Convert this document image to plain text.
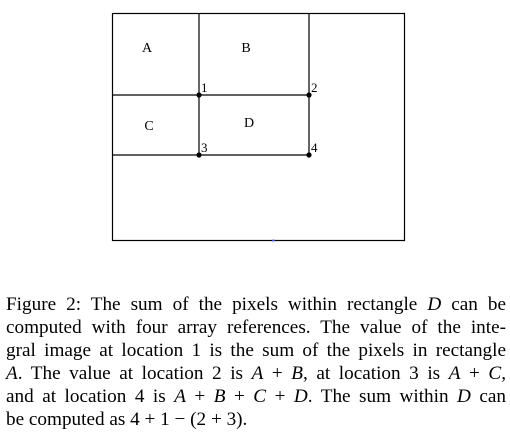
A	B
C	D
1	2
3	4
Figure 2: The sum of the pixels within rectangle D can be
computed with four array references. The value of the inte-
gral image at location 1 is the sum of the pixels in rectangle
A. The value at location 2 is A + B, at location 3 is A + C,
and at location 4 is A + B + C + D. The sum within D can
be computed as 4 + 1 − (2 + 3).
